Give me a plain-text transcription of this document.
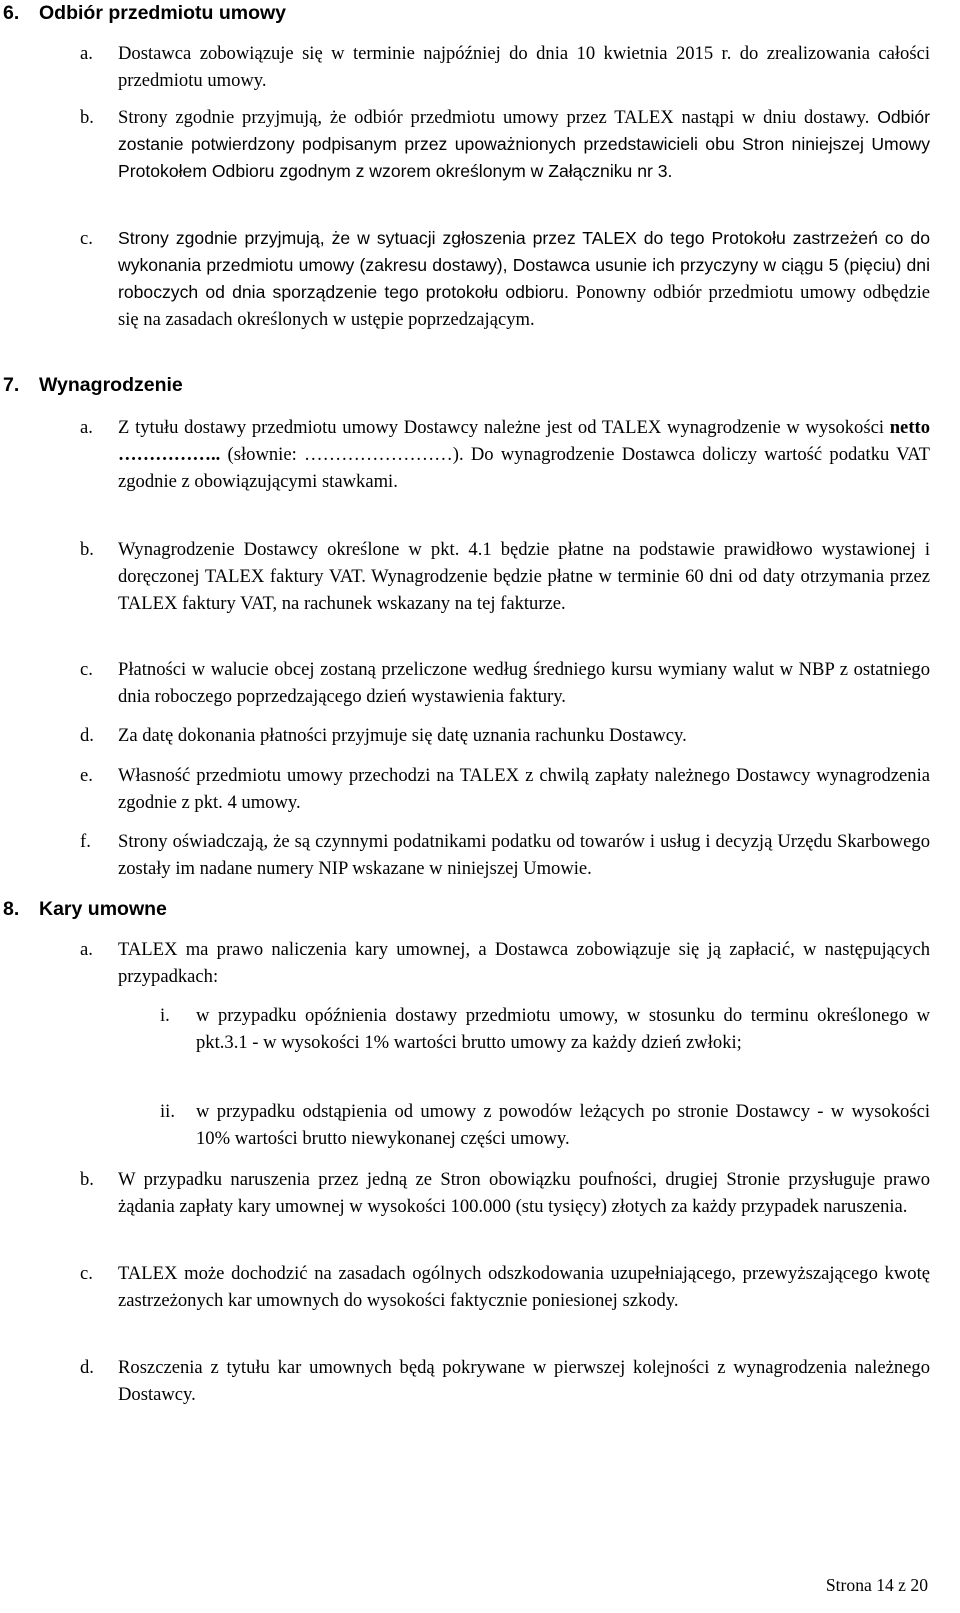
6. Odbiór przedmiotu umowy
a. Dostawca zobowiązuje się w terminie najpóźniej do dnia 10 kwietnia 2015 r. do zrealizowania całości przedmiotu umowy.
b. Strony zgodnie przyjmują, że odbiór przedmiotu umowy przez TALEX nastąpi w dniu dostawy. Odbiór zostanie potwierdzony podpisanym przez upoważnionych przedstawicieli obu Stron niniejszej Umowy Protokołem Odbioru zgodnym z wzorem określonym w Załączniku nr 3.
c. Strony zgodnie przyjmują, że w sytuacji zgłoszenia przez TALEX do tego Protokołu zastrzeżeń co do wykonania przedmiotu umowy (zakresu dostawy), Dostawca usunie ich przyczyny w ciągu 5 (pięciu) dni roboczych od dnia sporządzenie tego protokołu odbioru. Ponowny odbiór przedmiotu umowy odbędzie się na zasadach określonych w ustępie poprzedzającym.
7. Wynagrodzenie
a. Z tytułu dostawy przedmiotu umowy Dostawcy należne jest od TALEX wynagrodzenie w wysokości netto …………….. (słownie: ……………………). Do wynagrodzenie Dostawca doliczy wartość podatku VAT zgodnie z obowiązującymi stawkami.
b. Wynagrodzenie Dostawcy określone w pkt. 4.1 będzie płatne na podstawie prawidłowo wystawionej i doręczonej TALEX faktury VAT. Wynagrodzenie będzie płatne w terminie 60 dni od daty otrzymania przez TALEX faktury VAT, na rachunek wskazany na tej fakturze.
c. Płatności w walucie obcej zostaną przeliczone według średniego kursu wymiany walut w NBP z ostatniego dnia roboczego poprzedzającego dzień wystawienia faktury.
d. Za datę dokonania płatności przyjmuje się datę uznania rachunku Dostawcy.
e. Własność przedmiotu umowy przechodzi na TALEX z chwilą zapłaty należnego Dostawcy wynagrodzenia zgodnie z pkt. 4 umowy.
f. Strony oświadczają, że są czynnymi podatnikami podatku od towarów i usług i decyzją Urzędu Skarbowego zostały im nadane numery NIP wskazane w niniejszej Umowie.
8. Kary umowne
a. TALEX ma prawo naliczenia kary umownej, a Dostawca zobowiązuje się ją zapłacić, w następujących przypadkach:
i.	w przypadku opóźnienia dostawy przedmiotu umowy, w stosunku do terminu określonego w pkt.3.1 - w wysokości 1% wartości brutto umowy za każdy dzień zwłoki;
ii.	w przypadku odstąpienia od umowy z powodów leżących po stronie Dostawcy - w wysokości 10% wartości brutto niewykonanej części umowy.
b. W przypadku naruszenia przez jedną ze Stron obowiązku poufności, drugiej Stronie przysługuje prawo żądania zapłaty kary umownej w wysokości 100.000 (stu tysięcy) złotych za każdy przypadek naruszenia.
c. TALEX może dochodzić na zasadach ogólnych odszkodowania uzupełniającego, przewyższającego kwotę zastrzeżonych kar umownych do wysokości faktycznie poniesionej szkody.
d. Roszczenia z tytułu kar umownych będą pokrywane w pierwszej kolejności z wynagrodzenia należnego Dostawcy.
Strona 14 z 20
